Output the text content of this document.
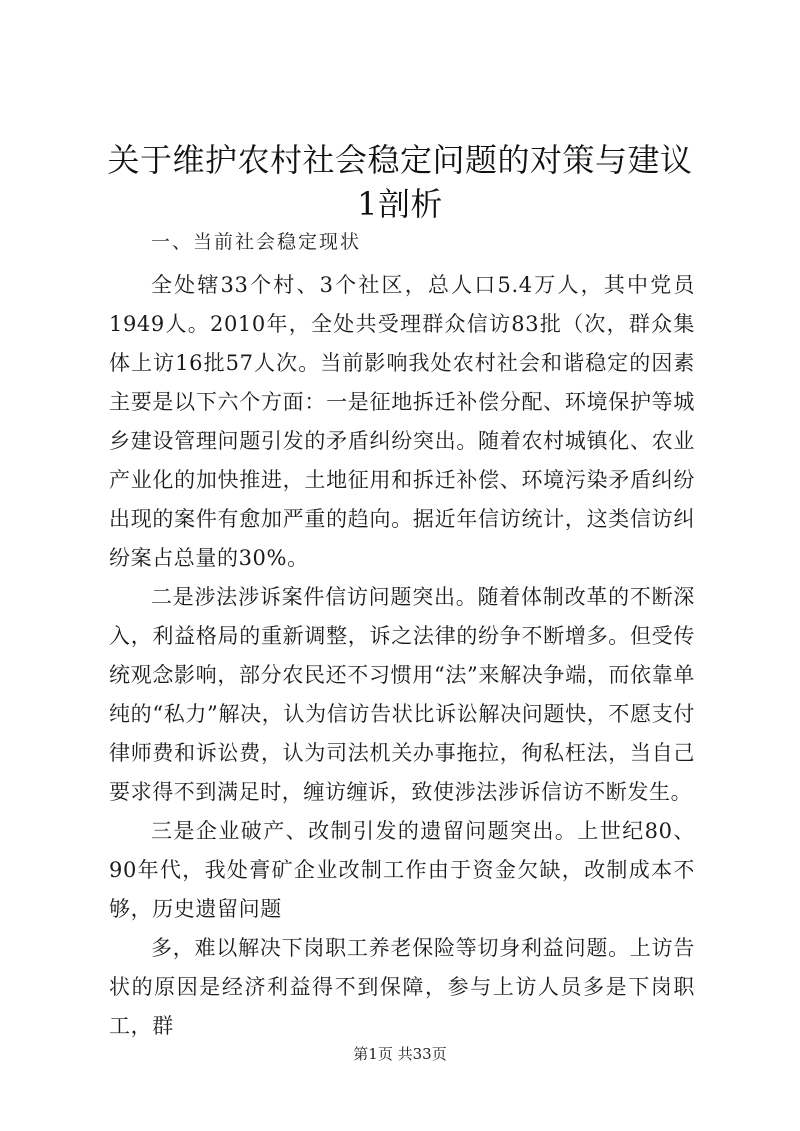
关于维护农村社会稳定问题的对策与建议1剖析

一、当前社会稳定现状

全处辖33个村、3个社区，总人口5.4万人，其中党员1949人。2010年，全处共受理群众信访83批（次，群众集体上访16批57人次。当前影响我处农村社会和谐稳定的因素主要是以下六个方面：一是征地拆迁补偿分配、环境保护等城乡建设管理问题引发的矛盾纠纷突出。随着农村城镇化、农业产业化的加快推进，土地征用和拆迁补偿、环境污染矛盾纠纷出现的案件有愈加严重的趋向。据近年信访统计，这类信访纠纷案占总量的30%。

二是涉法涉诉案件信访问题突出。随着体制改革的不断深入，利益格局的重新调整，诉之法律的纷争不断增多。但受传统观念影响，部分农民还不习惯用“法”来解决争端，而依靠单纯的“私力”解决，认为信访告状比诉讼解决问题快，不愿支付律师费和诉讼费，认为司法机关办事拖拉，徇私枉法，当自己要求得不到满足时，缠访缠诉，致使涉法涉诉信访不断发生。

三是企业破产、改制引发的遗留问题突出。上世纪80、90年代，我处膏矿企业改制工作由于资金欠缺，改制成本不够，历史遗留问题

多，难以解决下岗职工养老保险等切身利益问题。上访告状的原因是经济利益得不到保障，参与上访人员多是下岗职工，群

第1页 共33页
